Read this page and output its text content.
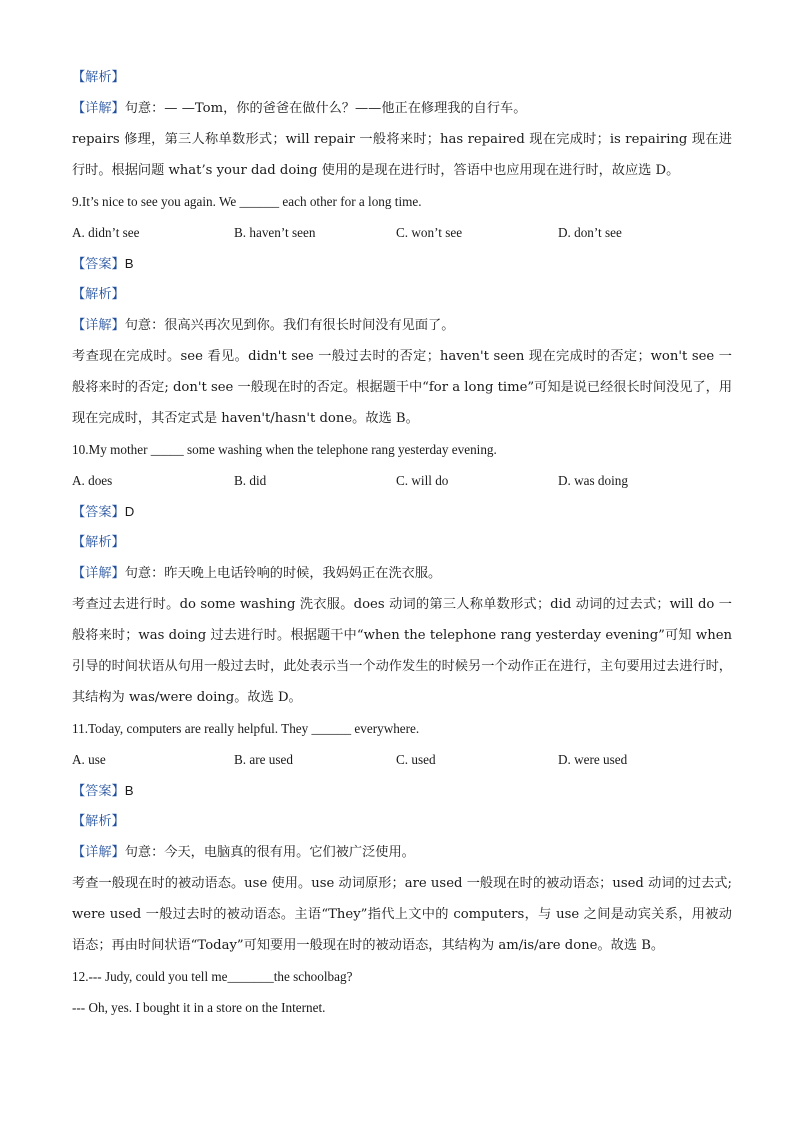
【解析】
【详解】句意：— —Tom，你的爸爸在做什么？——他正在修理我的自行车。
repairs 修理，第三人称单数形式；will repair 一般将来时；has repaired 现在完成时；is repairing 现在进行时。根据问题 what’s your dad doing 使用的是现在进行时，答语中也应用现在进行时，故应选 D。
9.It’s nice to see you again. We ______ each other for a long time.
A. didn’t see	B. haven’t seen	C. won’t see	D. don’t see
【答案】B
【解析】
【详解】句意：很高兴再次见到你。我们有很长时间没有见面了。
考查现在完成时。see 看见。didn't see 一般过去时的否定；haven't seen 现在完成时的否定；won't see 一般将来时的否定; don't see 一般现在时的否定。根据题干中“for a long time”可知是说已经很长时间没见了，用现在完成时，其否定式是 haven't/hasn't done。故选 B。
10.My mother _____ some washing when the telephone rang yesterday evening.
A. does	B. did	C. will do	D. was doing
【答案】D
【解析】
【详解】句意：昨天晚上电话铃响的时候，我妈妈正在洗衣服。
考查过去进行时。do some washing 洗衣服。does 动词的第三人称单数形式；did 动词的过去式；will do 一般将来时；was doing 过去进行时。根据题干中“when the telephone rang yesterday evening”可知 when 引导的时间状语从句用一般过去时，此处表示当一个动作发生的时候另一个动作正在进行，主句要用过去进行时，其结构为 was/were doing。故选 D。
11.Today, computers are really helpful. They ______ everywhere.
A. use	B. are used	C. used	D. were used
【答案】B
【解析】
【详解】句意：今天，电脑真的很有用。它们被广泛使用。
考查一般现在时的被动语态。use 使用。use 动词原形；are used 一般现在时的被动语态；used 动词的过去式; were used 一般过去时的被动语态。主语“They”指代上文中的 computers，与 use 之间是动宾关系，用被动语态；再由时间状语“Today”可知要用一般现在时的被动语态，其结构为 am/is/are done。故选 B。
12.--- Judy, could you tell me_______the schoolbag?
--- Oh, yes. I bought it in a store on the Internet.
